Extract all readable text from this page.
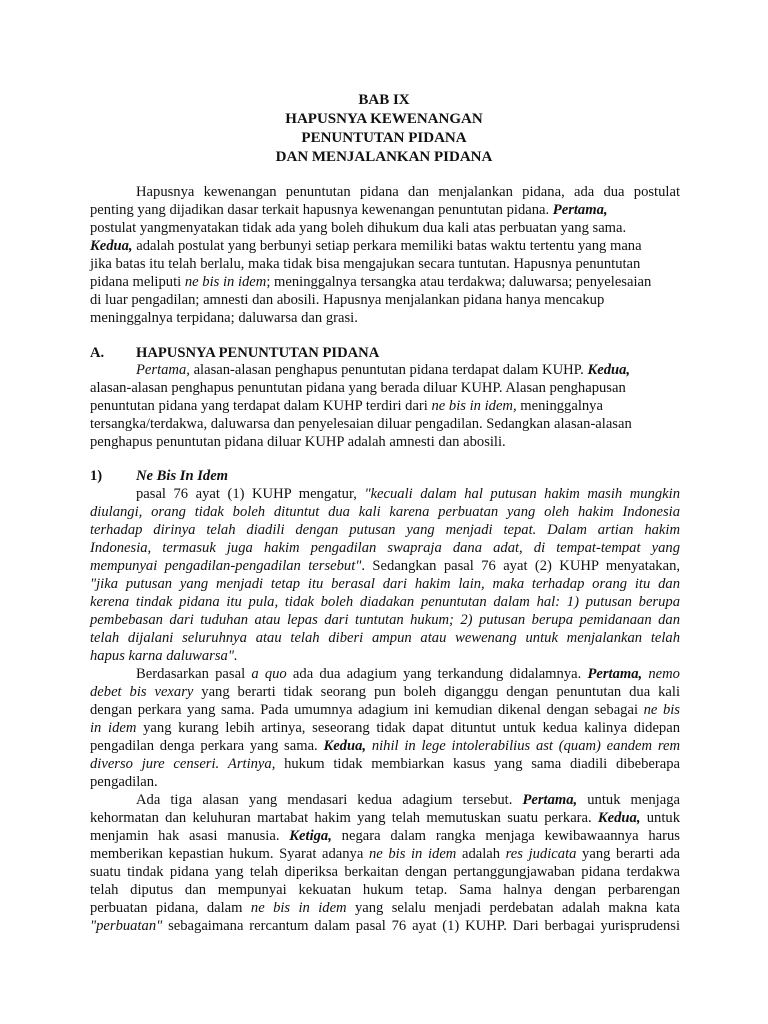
BAB IX
HAPUSNYA KEWENANGAN
PENUNTUTAN PIDANA
DAN MENJALANKAN PIDANA
Hapusnya kewenangan penuntutan pidana dan menjalankan pidana, ada dua postulat
penting yang dijadikan dasar terkait hapusnya kewenangan penuntutan pidana. Pertama,
postulat yangmenyatakan tidak ada yang boleh dihukum dua kali atas perbuatan yang sama.
Kedua, adalah postulat yang berbunyi setiap perkara memiliki batas waktu tertentu yang mana
jika batas itu telah berlalu, maka tidak bisa mengajukan secara tuntutan. Hapusnya penuntutan
pidana meliputi ne bis in idem; meninggalnya tersangka atau terdakwa; daluwarsa; penyelesaian
di luar pengadilan; amnesti dan abosili. Hapusnya menjalankan pidana hanya mencakup
meninggalnya terpidana; daluwarsa dan grasi.
A. HAPUSNYA PENUNTUTAN PIDANA
Pertama, alasan-alasan penghapus penuntutan pidana terdapat dalam KUHP. Kedua,
alasan-alasan penghapus penuntutan pidana yang berada diluar KUHP. Alasan penghapusan
penuntutan pidana yang terdapat dalam KUHP terdiri dari ne bis in idem, meninggalnya
tersangka/terdakwa, daluwarsa dan penyelesaian diluar pengadilan. Sedangkan alasan-alasan
penghapus penuntutan pidana diluar KUHP adalah amnesti dan abosili.
1) Ne Bis In Idem
pasal 76 ayat (1) KUHP mengatur, "kecuali dalam hal putusan hakim masih mungkin
diulangi, orang tidak boleh dituntut dua kali karena perbuatan yang oleh hakim Indonesia
terhadap dirinya telah diadili dengan putusan yang menjadi tepat. Dalam artian hakim
Indonesia, termasuk juga hakim pengadilan swapraja dana adat, di tempat-tempat yang
mempunyai pengadilan-pengadilan tersebut". Sedangkan pasal 76 ayat (2) KUHP menyatakan,
"jika putusan yang menjadi tetap itu berasal dari hakim lain, maka terhadap orang itu dan
kerena tindak pidana itu pula, tidak boleh diadakan penuntutan dalam hal: 1) putusan berupa
pembebasan dari tuduhan atau lepas dari tuntutan hukum; 2) putusan berupa pemidanaan dan
telah dijalani seluruhnya atau telah diberi ampun atau wewenang untuk menjalankan telah
hapus karna daluwarsa".
Berdasarkan pasal a quo ada dua adagium yang terkandung didalamnya. Pertama, nemo
debet bis vexary yang berarti tidak seorang pun boleh diganggu dengan penuntutan dua kali
dengan perkara yang sama. Pada umumnya adagium ini kemudian dikenal dengan sebagai ne bis
in idem yang kurang lebih artinya, seseorang tidak dapat dituntut untuk kedua kalinya didepan
pengadilan denga perkara yang sama. Kedua, nihil in lege intolerabilius ast (quam) eandem rem
diverso jure censeri. Artinya, hukum tidak membiarkan kasus yang sama diadili dibeberapa
pengadilan.
Ada tiga alasan yang mendasari kedua adagium tersebut. Pertama, untuk menjaga
kehormatan dan keluhuran martabat hakim yang telah memutuskan suatu perkara. Kedua, untuk
menjamin hak asasi manusia. Ketiga, negara dalam rangka menjaga kewibawaannya harus
memberikan kepastian hukum. Syarat adanya ne bis in idem adalah res judicata yang berarti ada
suatu tindak pidana yang telah diperiksa berkaitan dengan pertanggungjawaban pidana terdakwa
telah diputus dan mempunyai kekuatan hukum tetap. Sama halnya dengan perbarengan
perbuatan pidana, dalam ne bis in idem yang selalu menjadi perdebatan adalah makna kata
"perbuatan" sebagaimana rercantum dalam pasal 76 ayat (1) KUHP. Dari berbagai yurisprudensi
